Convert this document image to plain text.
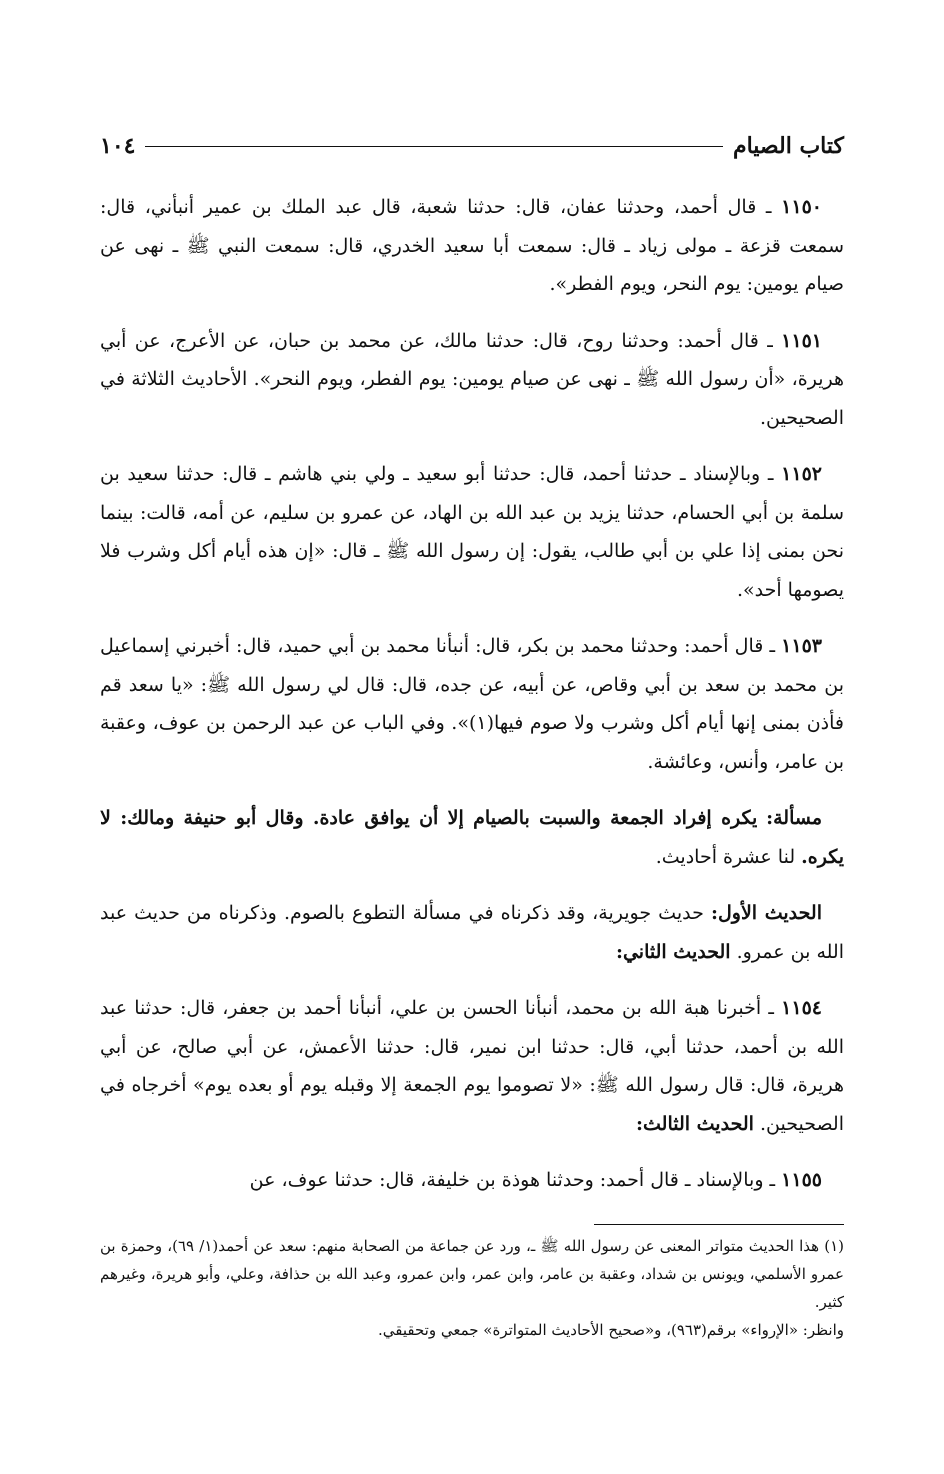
١٠٤	كتاب الصيام

١١٥٠ ـ قال أحمد، وحدثنا عفان، قال: حدثنا شعبة، قال عبد الملك بن عمير أنبأني، قال: سمعت قزعة ـ مولى زياد ـ قال: سمعت أبا سعيد الخدري، قال: سمعت النبي ﷺ ـ نهى عن صيام يومين: يوم النحر، ويوم الفطر».

١١٥١ ـ قال أحمد: وحدثنا روح، قال: حدثنا مالك، عن محمد بن حبان، عن الأعرج، عن أبي هريرة، «أن رسول الله ﷺ ـ نهى عن صيام يومين: يوم الفطر، ويوم النحر». الأحاديث الثلاثة في الصحيحين.

١١٥٢ ـ وبالإسناد ـ حدثنا أحمد، قال: حدثنا أبو سعيد ـ ولي بني هاشم ـ قال: حدثنا سعيد بن سلمة بن أبي الحسام، حدثنا يزيد بن عبد الله بن الهاد، عن عمرو بن سليم، عن أمه، قالت: بينما نحن بمنى إذا علي بن أبي طالب، يقول: إن رسول الله ﷺ ـ قال: «إن هذه أيام أكل وشرب فلا يصومها أحد».

١١٥٣ ـ قال أحمد: وحدثنا محمد بن بكر، قال: أنبأنا محمد بن أبي حميد، قال: أخبرني إسماعيل بن محمد بن سعد بن أبي وقاص، عن أبيه، عن جده، قال: قال لي رسول الله ﷺ: «يا سعد قم فأذن بمنى إنها أيام أكل وشرب ولا صوم فيها(١)». وفي الباب عن عبد الرحمن بن عوف، وعقبة بن عامر، وأنس، وعائشة.

مسألة: يكره إفراد الجمعة والسبت بالصيام إلا أن يوافق عادة. وقال أبو حنيفة ومالك: لا يكره. لنا عشرة أحاديث.

الحديث الأول: حديث جويرية، وقد ذكرناه في مسألة التطوع بالصوم. وذكرناه من حديث عبد الله بن عمرو. الحديث الثاني:

١١٥٤ ـ أخبرنا هبة الله بن محمد، أنبأنا الحسن بن علي، أنبأنا أحمد بن جعفر، قال: حدثنا عبد الله بن أحمد، حدثنا أبي، قال: حدثنا ابن نمير، قال: حدثنا الأعمش، عن أبي صالح، عن أبي هريرة، قال: قال رسول الله ﷺ: «لا تصوموا يوم الجمعة إلا وقبله يوم أو بعده يوم» أخرجاه في الصحيحين. الحديث الثالث:

١١٥٥ ـ وبالإسناد ـ قال أحمد: وحدثنا هوذة بن خليفة، قال: حدثنا عوف، عن

(١) هذا الحديث متواتر المعنى عن رسول الله ﷺ ـ، ورد عن جماعة من الصحابة منهم: سعد عن أحمد(١/ ٦٩)، وحمزة بن عمرو الأسلمي، ويونس بن شداد، وعقبة بن عامر، وابن عمر، وابن عمرو، وعبد الله بن حذافة، وعلي، وأبو هريرة، وغيرهم كثير.

وانظر: «الإرواء» برقم(٩٦٣)، و«صحيح الأحاديث المتواترة» جمعي وتحقيقي.
